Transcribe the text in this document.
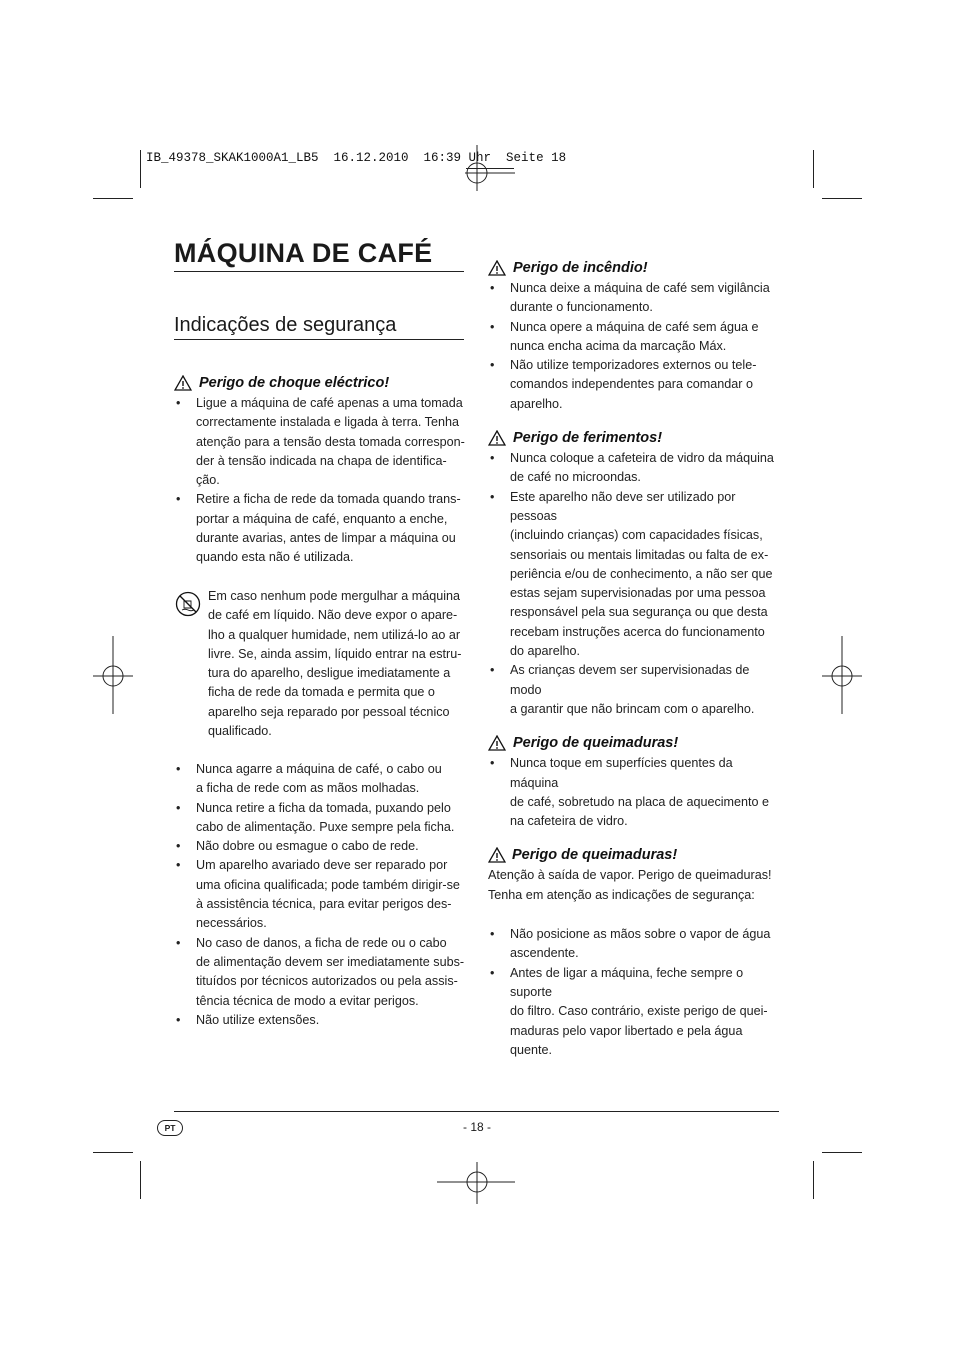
IB_49378_SKAK1000A1_LB5  16.12.2010  16:39 Uhr  Seite 18
MÁQUINA DE CAFÉ
Indicações de segurança
Perigo de choque eléctrico!

• Ligue a máquina de café apenas a uma tomada

correctamente instalada e ligada à terra. Tenha

atenção para a tensão desta tomada correspon-

der à tensão indicada na chapa de identifica-

ção.

• Retire a ficha de rede da tomada quando trans-

portar a máquina de café, enquanto a enche,

durante avarias, antes de limpar a máquina ou

quando esta não é utilizada.

Em caso nenhum pode mergulhar a máquina

de café em líquido. Não deve expor o apare-

lho a qualquer humidade, nem utilizá-lo ao ar

livre. Se, ainda assim, líquido entrar na estru-

tura do aparelho, desligue imediatamente a

ficha de rede da tomada e permita que o

aparelho seja reparado por pessoal técnico

qualificado.

• Nunca agarre a máquina de café, o cabo ou

a ficha de rede com as mãos molhadas.

• Nunca retire a ficha da tomada, puxando pelo

cabo de alimentação. Puxe sempre pela ficha.

• Não dobre ou esmague o cabo de rede.

• Um aparelho avariado deve ser reparado por

uma oficina qualificada; pode também dirigir-se

à assistência técnica, para evitar perigos des-

necessários.

• No caso de danos, a ficha de rede ou o cabo

de alimentação devem ser imediatamente subs-

tituídos por técnicos autorizados ou pela assis-

tência técnica de modo a evitar perigos.

• Não utilize extensões.

Perigo de incêndio!

• Nunca deixe a máquina de café sem vigilância

durante o funcionamento.

• Nunca opere a máquina de café sem água e

nunca encha acima da marcação Máx.

• Não utilize temporizadores externos ou tele-

comandos independentes para comandar o

aparelho.

Perigo de ferimentos!

• Nunca coloque a cafeteira de vidro da máquina

de café no microondas.

• Este aparelho não deve ser utilizado por pessoas

(incluindo crianças) com capacidades físicas,

sensoriais ou mentais limitadas ou falta de ex-

periência e/ou de conhecimento, a não ser que

estas sejam supervisionadas por uma pessoa

responsável pela sua segurança ou que desta

recebam instruções acerca do funcionamento

do aparelho.

• As crianças devem ser supervisionadas de modo

a garantir que não brincam com o aparelho.

Perigo de queimaduras!

• Nunca toque em superfícies quentes da máquina

de café, sobretudo na placa de aquecimento e

na cafeteira de vidro.

Perigo de queimaduras!

Atenção à saída de vapor. Perigo de queimaduras!

Tenha em atenção as indicações de segurança:

• Não posicione as mãos sobre o vapor de água

ascendente.

• Antes de ligar a máquina, feche sempre o suporte

do filtro. Caso contrário, existe perigo de quei-

maduras pelo vapor libertado e pela água

quente.

PT	- 18 -
